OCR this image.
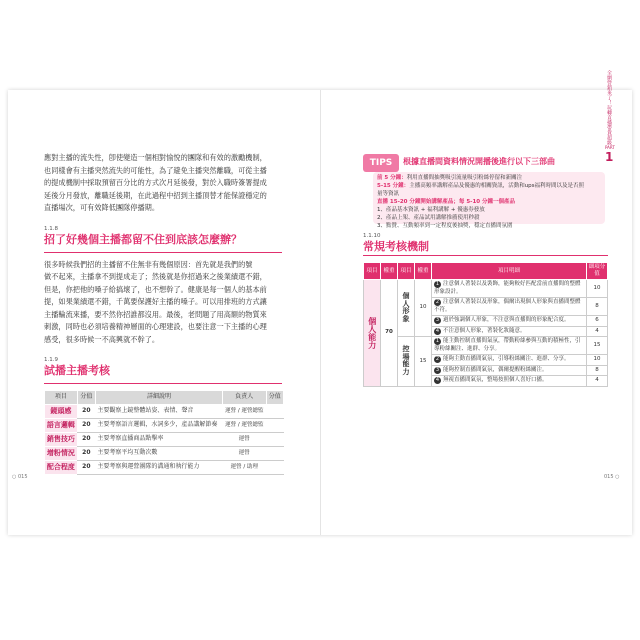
應對主播的流失性，卽使變造一個相對愉悅的團隊和有效的激勵機制，
也同樣會有主播突然流失的可能性，為了避免主播突然離職，可從主播
的提成機制中採取預留百分比的方式次月延後發，對於入職時簽署提成
延後分月發放，離職延後期，在此過程中招到主播頂替才能保證穩定的
直播場次，可有效降低團隊停播期。
1.1.8
招了好幾個主播都留不住到底該怎麼辦？
很多時候我們招的主播留不住無非有幾個原因：首先就是我們的號
做不起來，主播拿不到提成走了；然後就是你招過來之後業績還不錯，
但是，你把他的嗓子給搞壞了，也不想幹了。健康是每一個人的基本前
提，如果業績還不錯，千萬要保護好主播的嗓子。可以用排班的方式讓
主播輪流來播，要不然你招誰都沒用。最後，老問題了用高額的物質來
刺激，同時也必須培養精神層面的心理建設，也要注意一下主播的心理
感受，很多時候一不高興就不幹了。
1.1.9
試播主播考核
項目	分值	詳細說明	負責人	分值
鏡頭感	20	主要觀察上鏡整體站姿、表情、聲音	運營 / 運營總監	
語言邏輯	20	主要考察語言邏輯，水詞多少，產品講解節奏	運營 / 運營總監	
銷售技巧	20	主要考察直播商品點擊率	運營	
增粉情況	20	主要考察平均互動次數	運營	
配合程度	20	主要考察與運營團隊的溝通和執行能力	運營 / 助理	
TIPS	根據直播間資料情況開播後進行以下三部曲
前 5 分鐘：利用直播間抽獎吸引流量吸引粉絲停留和新關注
5-15 分鐘：主播高頻率講解產品及優惠的相關資訊，活動和ups福利時間以及是否照
量等資訊
直播 15-20 分鐘開始講解產品；每 5-10 分鐘一個產品
1、產品基本資訊 + 福利講解 + 優惠券發放
2、產品上架、產品試用講解推薦使用秒殺
3、點贊、互動頻率到一定程度後抽獎，穩定直播間氛圍
1.1.10
常規考核機制
項目	權重	項目	權重	項目明細	細項分值
個人能力	70	個人形象	10	1 注意個人著裝以及裝飾，能夠較好匹配當前直播間的整體形象設計。	10
				2 注意個人著裝以及形象，偶爾出現個人形象與直播間整體不符。	8
				3 過於強調個人形象，不注意與直播間的形象配合度。	6
				4 不注意個人形象，著裝化妝隨意。	4
		控場能力	15	1 能主動控制直播間氣氛，帶動粉絲參與互動的積極性，引導粉絲關注、進群、分享。	15
				2 能夠主動直播間氣氛，引導粉絲關注、進群、分享。	10
				3 能夠控制直播間氣氛，偶爾提醒粉絲關注。	8
				4 無視直播間氣氛，整場按照個人喜好口播。	4
○ 015	015 ○
全網營銷來了！玩轉直播帶貨超級
PART
1
